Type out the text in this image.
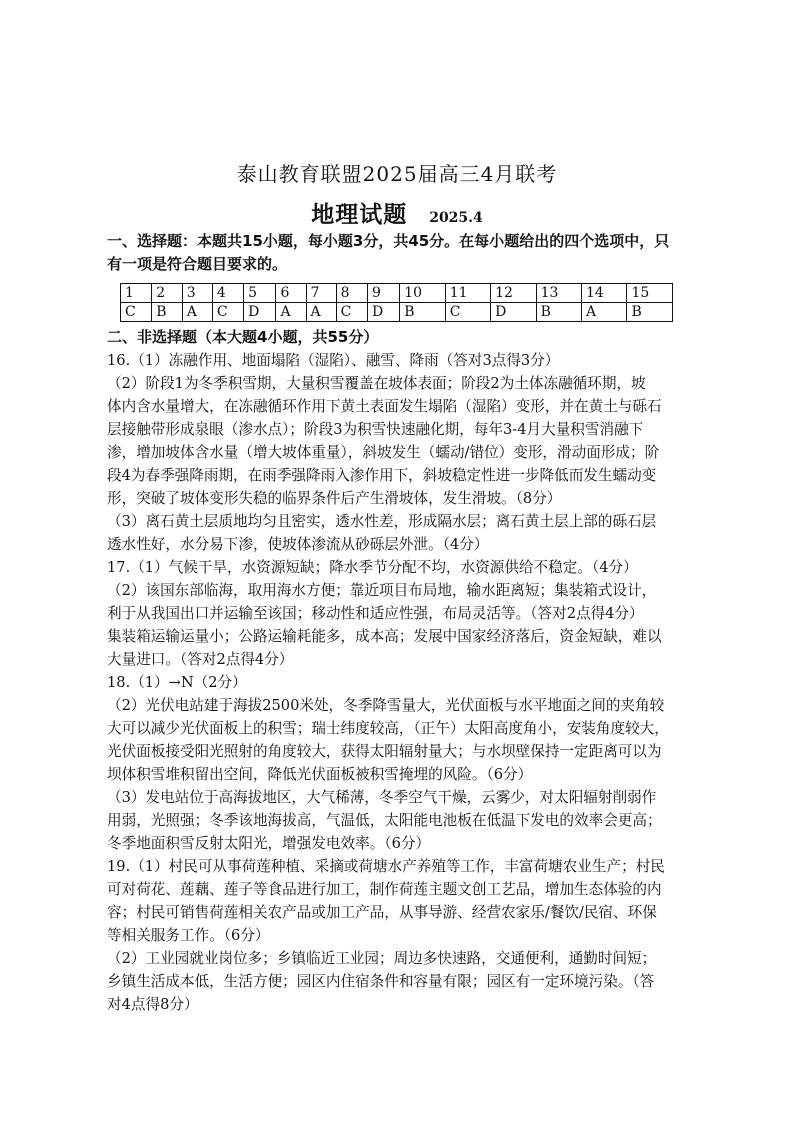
泰山教育联盟2025届高三4月联考
地理试题 2025.4
一、选择题：本题共15小题，每小题3分，共45分。在每小题给出的四个选项中，只
有一项是符合题目要求的。
1	2	3	4	5	6	7	8	9	10	11	12	13	14	15
C	B	A	C	D	A	A	C	D	B	C	D	B	A	B
二、非选择题（本大题4小题，共55分）
16.（1）冻融作用、地面塌陷（湿陷）、融雪、降雨（答对3点得3分）
（2）阶段1为冬季积雪期，大量积雪覆盖在坡体表面；阶段2为土体冻融循环期，坡
体内含水量增大，在冻融循环作用下黄土表面发生塌陷（湿陷）变形，并在黄土与砾石
层接触带形成泉眼（渗水点）；阶段3为积雪快速融化期，每年3-4月大量积雪消融下
渗，增加坡体含水量（增大坡体重量），斜坡发生（蠕动/错位）变形，滑动面形成；阶
段4为春季强降雨期，在雨季强降雨入渗作用下，斜坡稳定性进一步降低而发生蠕动变
形，突破了坡体变形失稳的临界条件后产生滑坡体，发生滑坡。（8分）
（3）离石黄土层质地均匀且密实，透水性差，形成隔水层；离石黄土层上部的砾石层
透水性好，水分易下渗，使坡体渗流从砂砾层外泄。（4分）
17.（1）气候干旱，水资源短缺；降水季节分配不均，水资源供给不稳定。（4分）
（2）该国东部临海，取用海水方便；靠近项目布局地，输水距离短；集装箱式设计，
利于从我国出口并运输至该国；移动性和适应性强，布局灵活等。（答对2点得4分）
集装箱运输运量小；公路运输耗能多，成本高；发展中国家经济落后，资金短缺，难以
大量进口。（答对2点得4分）
18.（1）→N（2分）
（2）光伏电站建于海拔2500米处，冬季降雪量大，光伏面板与水平地面之间的夹角较
大可以减少光伏面板上的积雪；瑞士纬度较高，（正午）太阳高度角小，安装角度较大，
光伏面板接受阳光照射的角度较大，获得太阳辐射量大；与水坝壁保持一定距离可以为
坝体积雪堆积留出空间，降低光伏面板被积雪掩埋的风险。（6分）
（3）发电站位于高海拔地区，大气稀薄，冬季空气干燥，云雾少，对太阳辐射削弱作
用弱，光照强；冬季该地海拔高，气温低，太阳能电池板在低温下发电的效率会更高；
冬季地面积雪反射太阳光，增强发电效率。（6分）
19.（1）村民可从事荷莲种植、采摘或荷塘水产养殖等工作，丰富荷塘农业生产；村民
可对荷花、莲藕、莲子等食品进行加工，制作荷莲主题文创工艺品，增加生态体验的内
容；村民可销售荷莲相关农产品或加工产品，从事导游、经营农家乐/餐饮/民宿、环保
等相关服务工作。（6分）
（2）工业园就业岗位多；乡镇临近工业园；周边多快速路，交通便利，通勤时间短；
乡镇生活成本低，生活方便；园区内住宿条件和容量有限；园区有一定环境污染。（答
对4点得8分）
